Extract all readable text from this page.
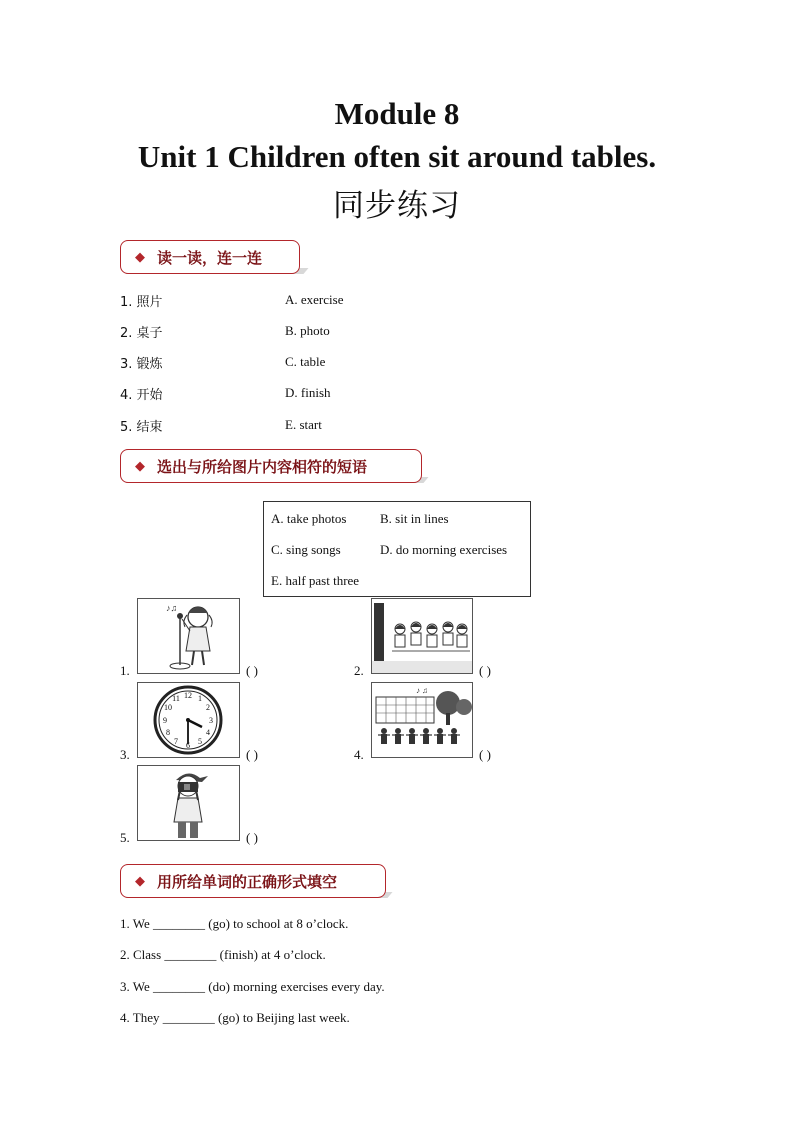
Module 8
Unit 1 Children often sit around tables.
同步练习
◆ 读一读，连一连
1. 照片
2. 桌子
3. 锻炼
4. 开始
5. 结束
A. exercise
B. photo
C. table
D. finish
E. start
◆ 选出与所给图片内容相符的短语
A. take photos	B. sit in lines
C. sing songs	D. do morning exercises
E. half past three
1.
♪♫
( )	2.	( )
3.
12 1
2
3
4
5
6
7
8
9
10
11
( )	4.
♪ ♫
( )
5.	( )
◆ 用所给单词的正确形式填空
1. We ________ (go) to school at 8 o’clock.
2. Class ________ (finish) at 4 o’clock.
3. We ________ (do) morning exercises every day.
4. They ________ (go) to Beijing last week.
